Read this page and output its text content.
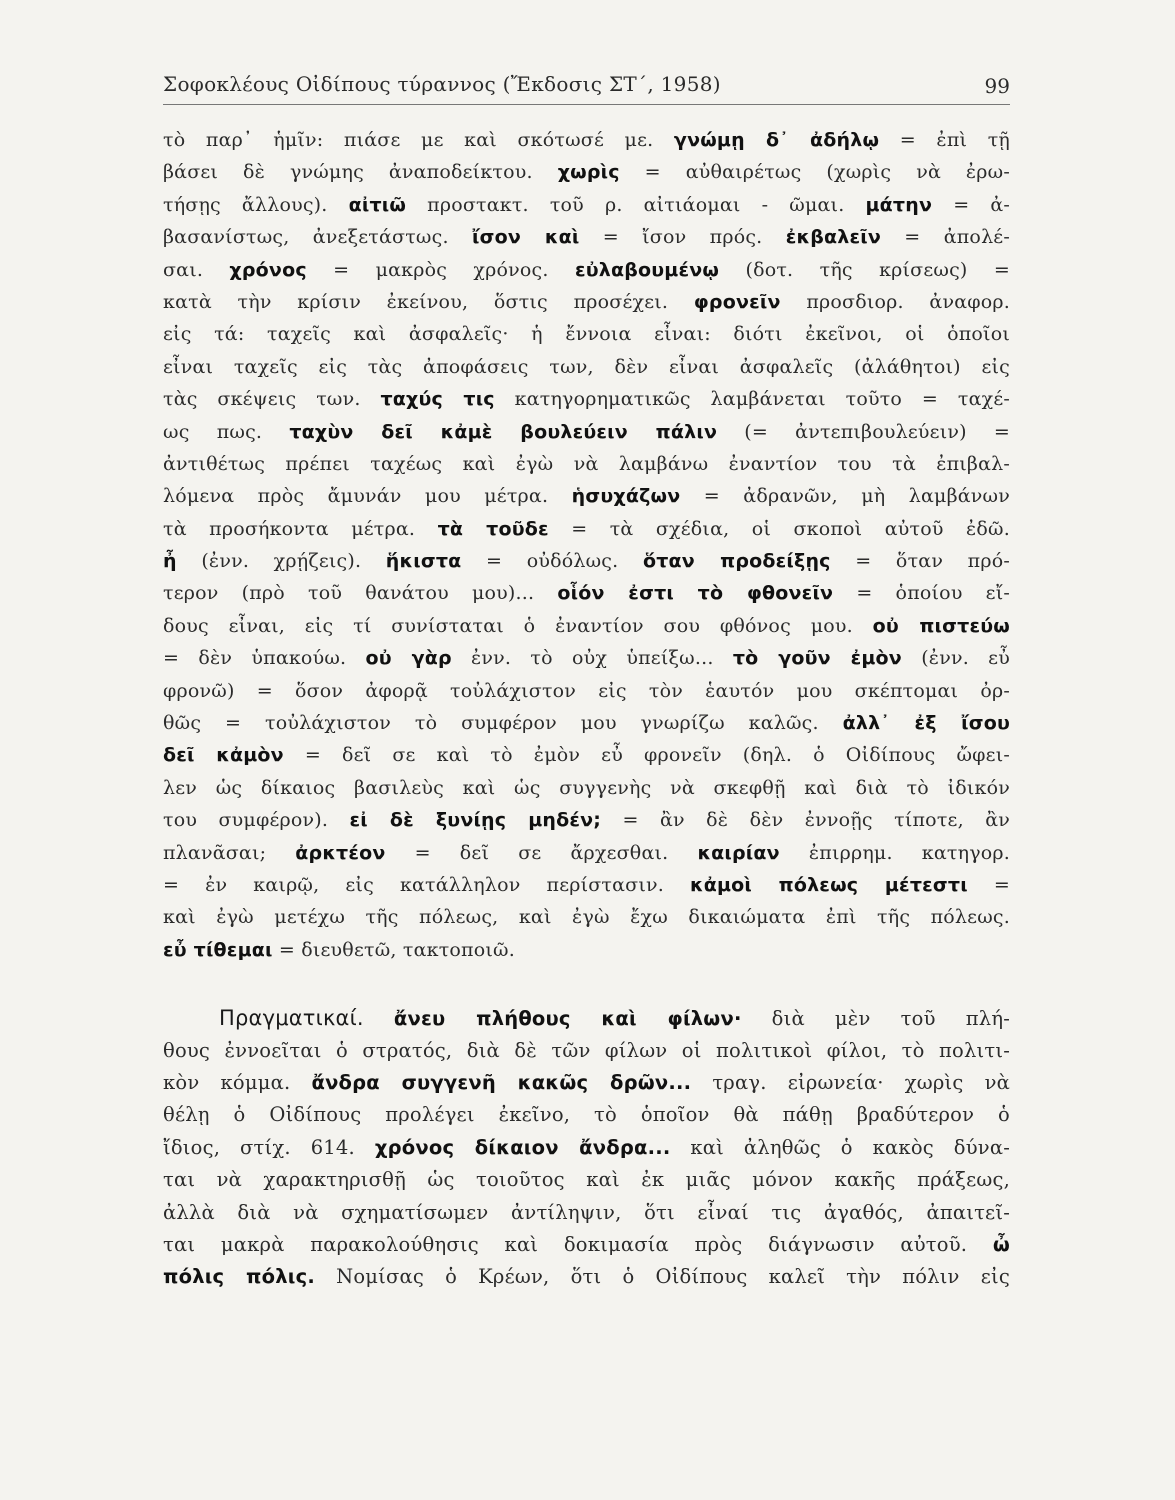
Σοφοκλέους Οἰδίπους τύραννος (Ἔκδοσις ΣΤ´, 1958)	99
τὸ παρ᾽ ἡμῖν: πιάσε με καὶ σκότωσέ με. γνώμῃ δ᾽ ἀδήλῳ = ἐπὶ τῇ
βάσει δὲ γνώμης ἀναποδείκτου. χωρὶς = αὐθαιρέτως (χωρὶς νὰ ἐρω-
τήσῃς ἄλλους). αἰτιῶ προστακτ. τοῦ ρ. αἰτιάομαι - ῶμαι. μάτην = ἀ-
βασανίστως, ἀνεξετάστως. ἴσον καὶ = ἴσον πρός. ἐκβαλεῖν = ἀπολέ-
σαι. χρόνος = μακρὸς χρόνος. εὐλαβουμένῳ (δοτ. τῆς κρίσεως) =
κατὰ τὴν κρίσιν ἐκείνου, ὅστις προσέχει. φρονεῖν προσδιορ. ἀναφορ.
εἰς τά: ταχεῖς καὶ ἀσφαλεῖς· ἡ ἔννοια εἶναι: διότι ἐκεῖνοι, οἱ ὁποῖοι
εἶναι ταχεῖς εἰς τὰς ἀποφάσεις των, δὲν εἶναι ἀσφαλεῖς (ἀλάθητοι) εἰς
τὰς σκέψεις των. ταχύς τις κατηγορηματικῶς λαμβάνεται τοῦτο = ταχέ-
ως πως. ταχὺν δεῖ κἀμὲ βουλεύειν πάλιν (= ἀντεπιβουλεύειν) =
ἀντιθέτως πρέπει ταχέως καὶ ἐγὼ νὰ λαμβάνω ἐναντίον του τὰ ἐπιβαλ-
λόμενα πρὸς ἄμυνάν μου μέτρα. ἡσυχάζων = ἀδρανῶν, μὴ λαμβάνων
τὰ προσήκοντα μέτρα. τὰ τοῦδε = τὰ σχέδια, οἱ σκοποὶ αὐτοῦ ἐδῶ.
ἦ (ἐνν. χρῄζεις). ἥκιστα = οὐδόλως. ὅταν προδείξῃς = ὅταν πρό-
τερον (πρὸ τοῦ θανάτου μου)... οἷόν ἐστι τὸ φθονεῖν = ὁποίου εἴ-
δους εἶναι, εἰς τί συνίσταται ὁ ἐναντίον σου φθόνος μου. οὐ πιστεύω
= δὲν ὑπακούω. οὐ γὰρ ἐνν. τὸ οὐχ ὑπείξω... τὸ γοῦν ἐμὸν (ἐνν. εὖ
φρονῶ) = ὅσον ἀφορᾷ τοὐλάχιστον εἰς τὸν ἑαυτόν μου σκέπτομαι ὀρ-
θῶς = τοὐλάχιστον τὸ συμφέρον μου γνωρίζω καλῶς. ἀλλ᾽ ἐξ ἴσου
δεῖ κἀμὸν = δεῖ σε καὶ τὸ ἐμὸν εὖ φρονεῖν (δηλ. ὁ Οἰδίπους ὤφει-
λεν ὡς δίκαιος βασιλεὺς καὶ ὡς συγγενὴς νὰ σκεφθῇ καὶ διὰ τὸ ἰδικόν
του συμφέρον). εἰ δὲ ξυνίῃς μηδέν; = ἂν δὲ δὲν ἐννοῇς τίποτε, ἂν
πλανᾶσαι; ἀρκτέον = δεῖ σε ἄρχεσθαι. καιρίαν ἐπιρρημ. κατηγορ.
= ἐν καιρῷ, εἰς κατάλληλον περίστασιν. κἀμοὶ πόλεως μέτεστι =
καὶ ἐγὼ μετέχω τῆς πόλεως, καὶ ἐγὼ ἔχω δικαιώματα ἐπὶ τῆς πόλεως.
εὖ τίθεμαι = διευθετῶ, τακτοποιῶ.
Πραγματικαί. ἄνευ πλήθους καὶ φίλων· διὰ μὲν τοῦ πλή-
θους ἐννοεῖται ὁ στρατός, διὰ δὲ τῶν φίλων οἱ πολιτικοὶ φίλοι, τὸ πολιτι-
κὸν κόμμα. ἄνδρα συγγενῆ κακῶς δρῶν... τραγ. εἰρωνεία· χωρὶς νὰ
θέλῃ ὁ Οἰδίπους προλέγει ἐκεῖνο, τὸ ὁποῖον θὰ πάθῃ βραδύτερον ὁ
ἴδιος, στίχ. 614. χρόνος δίκαιον ἄνδρα... καὶ ἀληθῶς ὁ κακὸς δύνα-
ται νὰ χαρακτηρισθῇ ὡς τοιοῦτος καὶ ἐκ μιᾶς μόνον κακῆς πράξεως,
ἀλλὰ διὰ νὰ σχηματίσωμεν ἀντίληψιν, ὅτι εἶναί τις ἀγαθός, ἀπαιτεῖ-
ται μακρὰ παρακολούθησις καὶ δοκιμασία πρὸς διάγνωσιν αὐτοῦ. ὦ
πόλις πόλις. Νομίσας ὁ Κρέων, ὅτι ὁ Οἰδίπους καλεῖ τὴν πόλιν εἰς
